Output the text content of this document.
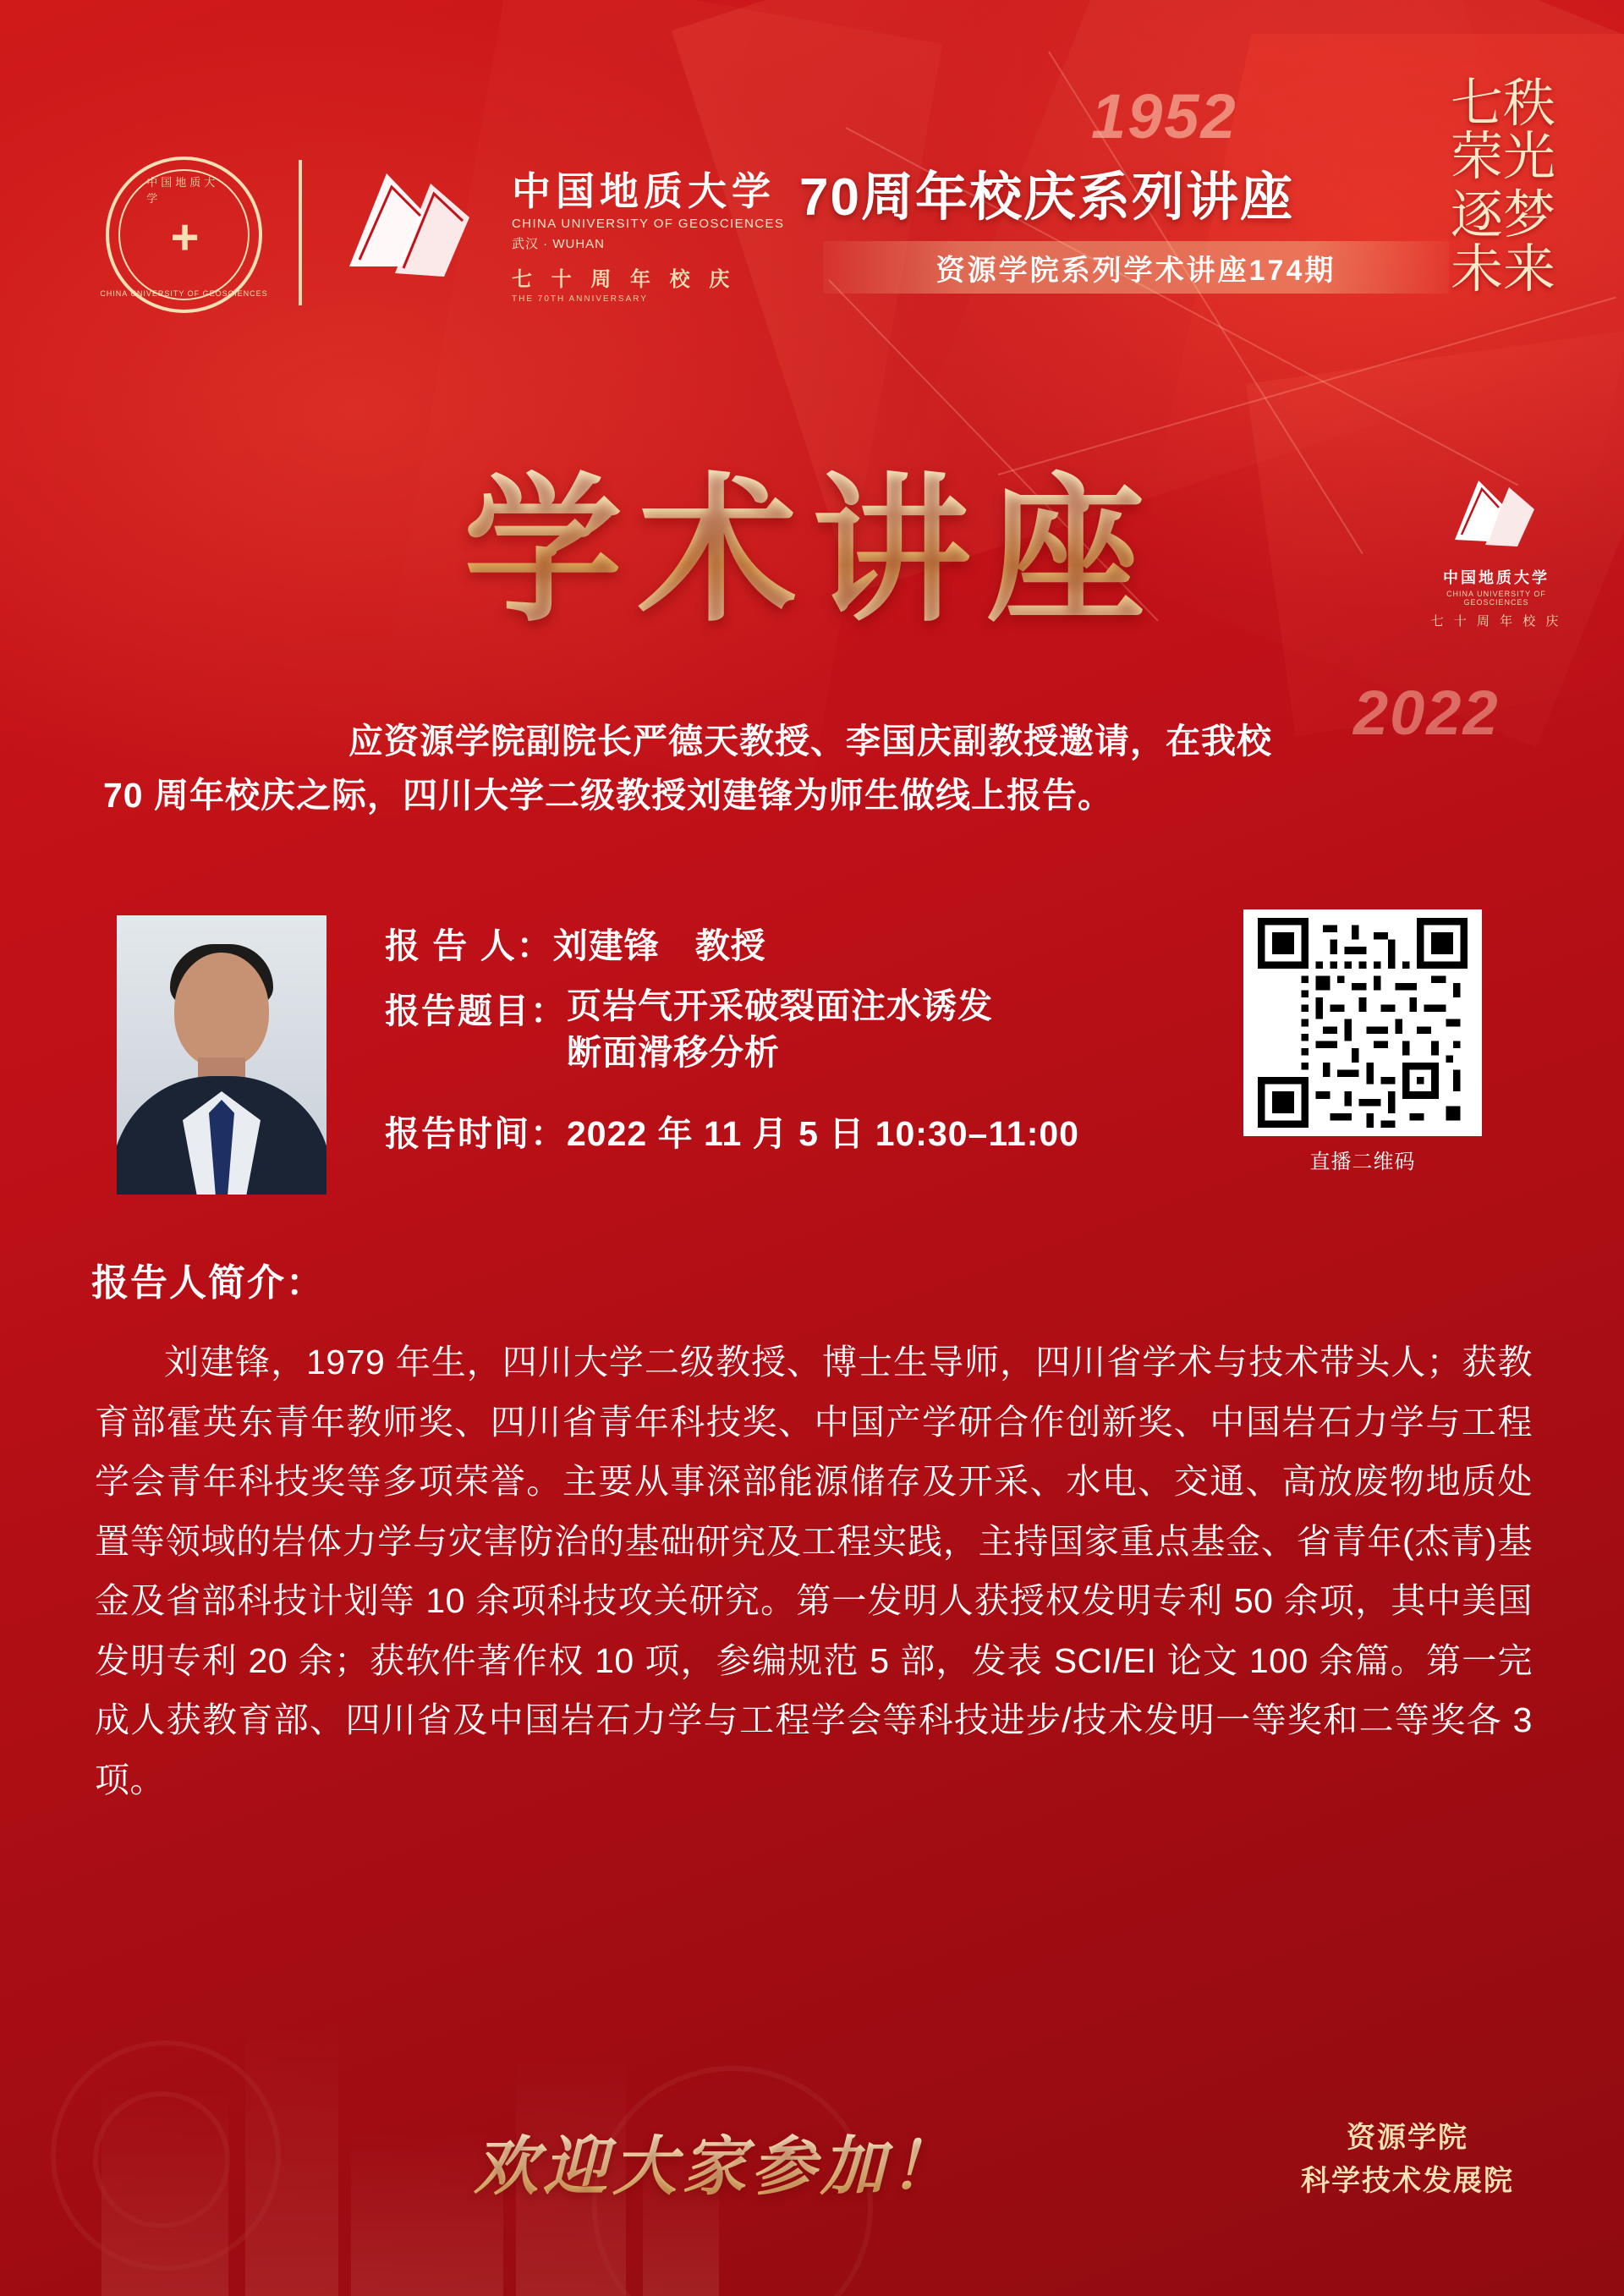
中国地质大学
+
CHINA UNIVERSITY OF GEOSCIENCES
中国地质大学
CHINA UNIVERSITY OF GEOSCIENCES
武汉 · WUHAN
七 十 周 年 校 庆
THE 70TH ANNIVERSARY
70周年校庆系列讲座
资源学院系列学术讲座174期
1952
2022
七秩荣光
逐梦未来
中国地质大学
CHINA UNIVERSITY OF GEOSCIENCES
七 十 周 年 校 庆
学术讲座
应资源学院副院长严德天教授、李国庆副教授邀请，在我校
70 周年校庆之际，四川大学二级教授刘建锋为师生做线上报告。
报 告 人： 刘建锋　教授
报告题目： 页岩气开采破裂面注水诱发
断面滑移分析
报告时间： 2022 年 11 月 5 日 10:30–11:00
直播二维码
报告人简介：

刘建锋，1979 年生，四川大学二级教授、博士生导师，四川省学术与技术带头人；获教育部霍英东青年教师奖、四川省青年科技奖、中国产学研合作创新奖、中国岩石力学与工程学会青年科技奖等多项荣誉。主要从事深部能源储存及开采、水电、交通、高放废物地质处置等领域的岩体力学与灾害防治的基础研究及工程实践，主持国家重点基金、省青年(杰青)基金及省部科技计划等 10 余项科技攻关研究。第一发明人获授权发明专利 50 余项，其中美国发明专利 20 余；获软件著作权 10 项，参编规范 5 部，发表 SCI/EI 论文 100 余篇。第一完成人获教育部、四川省及中国岩石力学与工程学会等科技进步/技术发明一等奖和二等奖各 3 项。

欢迎大家参加！	资源学院
科学技术发展院
